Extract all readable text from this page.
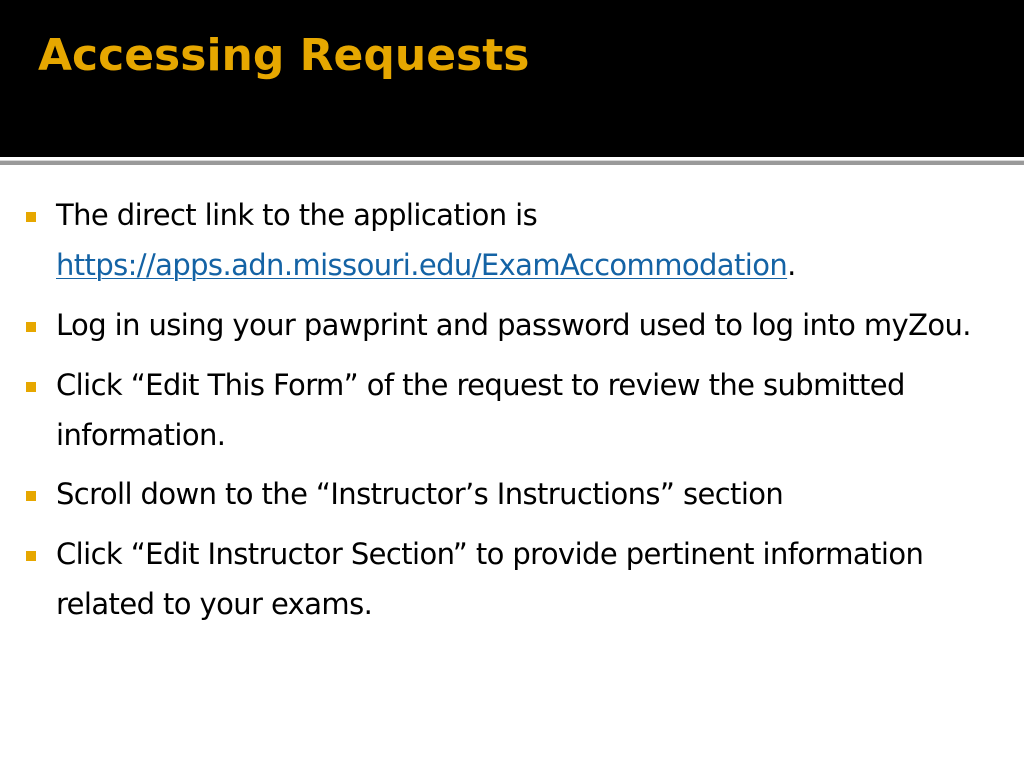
Accessing Requests
The direct link to the application is
https://apps.adn.missouri.edu/ExamAccommodation.
Log in using your pawprint and password used to log into myZou.
Click “Edit This Form” of the request to review the submitted information.
Scroll down to the “Instructor’s Instructions” section
Click “Edit Instructor Section” to provide pertinent information related to your exams.
